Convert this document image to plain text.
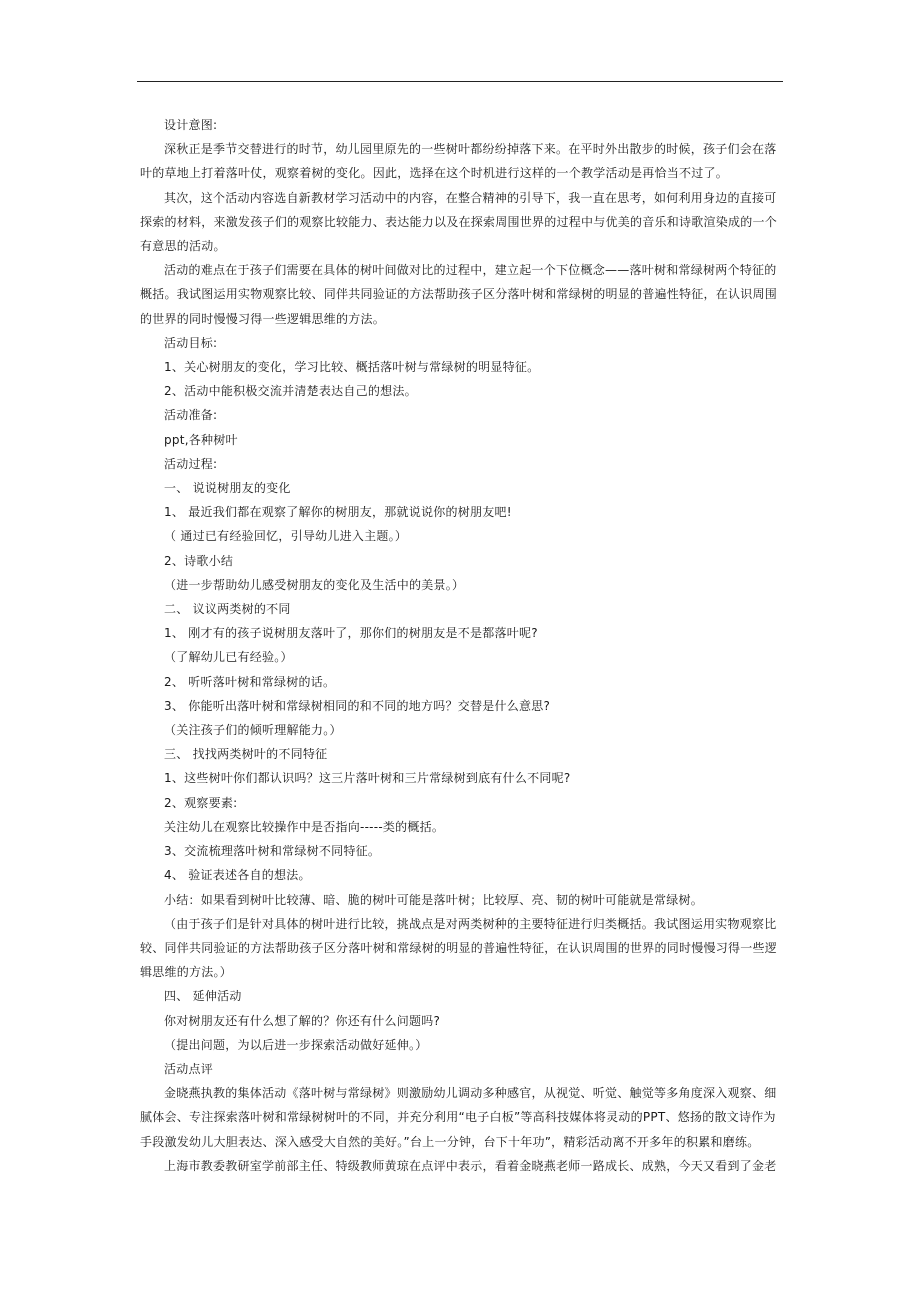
设计意图:

深秋正是季节交替进行的时节，幼儿园里原先的一些树叶都纷纷掉落下来。在平时外出散步的时候，孩子们会在落叶的草地上打着落叶仗，观察着树的变化。因此，选择在这个时机进行这样的一个教学活动是再恰当不过了。

其次，这个活动内容选自新教材学习活动中的内容，在整合精神的引导下，我一直在思考，如何利用身边的直接可探索的材料，来激发孩子们的观察比较能力、表达能力以及在探索周围世界的过程中与优美的音乐和诗歌渲染成的一个有意思的活动。

活动的难点在于孩子们需要在具体的树叶间做对比的过程中，建立起一个下位概念——落叶树和常绿树两个特征的概括。我试图运用实物观察比较、同伴共同验证的方法帮助孩子区分落叶树和常绿树的明显的普遍性特征，在认识周围的世界的同时慢慢习得一些逻辑思维的方法。

活动目标:

1、关心树朋友的变化，学习比较、概括落叶树与常绿树的明显特征。

2、活动中能积极交流并清楚表达自己的想法。

活动准备:

ppt,各种树叶

活动过程:

一、 说说树朋友的变化

1、 最近我们都在观察了解你的树朋友，那就说说你的树朋友吧!

（ 通过已有经验回忆，引导幼儿进入主题。）

2、诗歌小结

（进一步帮助幼儿感受树朋友的变化及生活中的美景。）

二、 议议两类树的不同

1、 刚才有的孩子说树朋友落叶了，那你们的树朋友是不是都落叶呢?

（了解幼儿已有经验。）

2、 听听落叶树和常绿树的话。

3、 你能听出落叶树和常绿树相同的和不同的地方吗？交替是什么意思?

（关注孩子们的倾听理解能力。）

三、 找找两类树叶的不同特征

1、这些树叶你们都认识吗？这三片落叶树和三片常绿树到底有什么不同呢?

2、观察要素:

关注幼儿在观察比较操作中是否指向-----类的概括。

3、交流梳理落叶树和常绿树不同特征。

4、 验证表述各自的想法。

小结：如果看到树叶比较薄、暗、脆的树叶可能是落叶树；比较厚、亮、韧的树叶可能就是常绿树。

（由于孩子们是针对具体的树叶进行比较，挑战点是对两类树种的主要特征进行归类概括。我试图运用实物观察比较、同伴共同验证的方法帮助孩子区分落叶树和常绿树的明显的普遍性特征，在认识周围的世界的同时慢慢习得一些逻辑思维的方法。）

四、 延伸活动

你对树朋友还有什么想了解的？你还有什么问题吗?

（提出问题，为以后进一步探索活动做好延伸。）

活动点评

金晓燕执教的集体活动《落叶树与常绿树》则激励幼儿调动多种感官，从视觉、听觉、触觉等多角度深入观察、细腻体会、专注探索落叶树和常绿树树叶的不同，并充分利用“电子白板”等高科技媒体将灵动的PPT、悠扬的散文诗作为手段激发幼儿大胆表达、深入感受大自然的美好。”台上一分钟，台下十年功”，精彩活动离不开多年的积累和磨练。

上海市教委教研室学前部主任、特级教师黄琼在点评中表示，看着金晓燕老师一路成长、成熟，今天又看到了金老
